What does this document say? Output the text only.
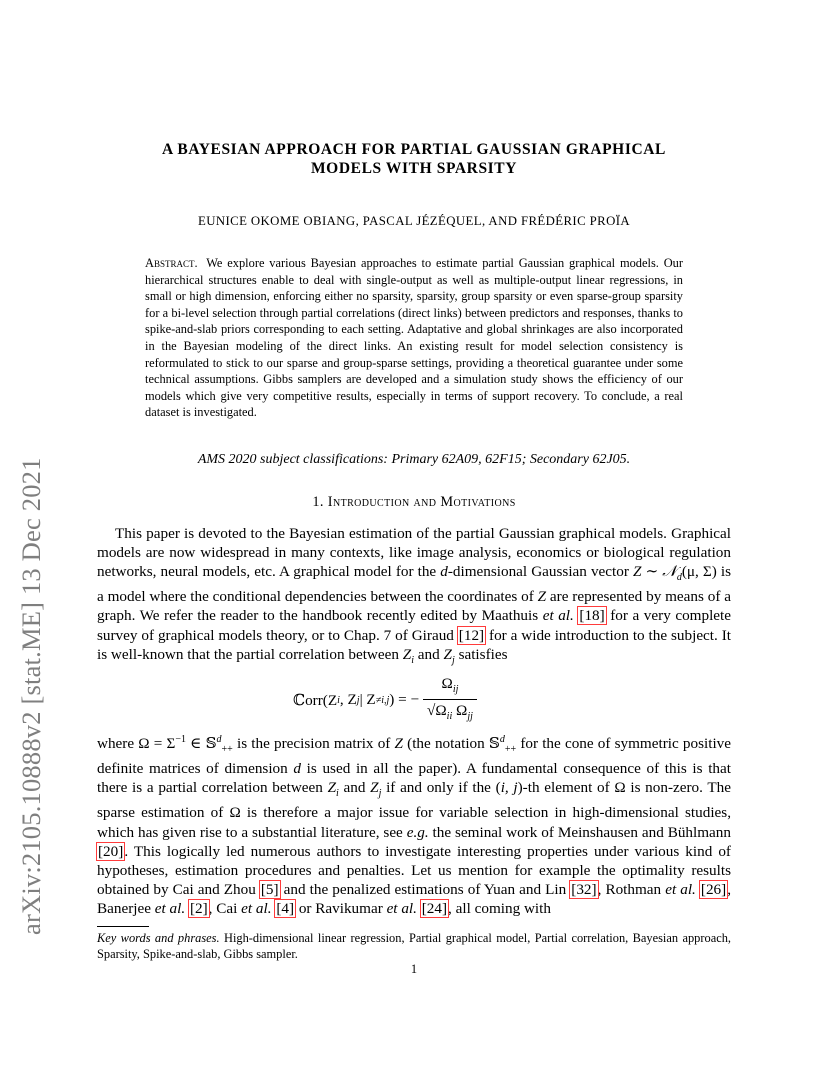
arXiv:2105.10888v2 [stat.ME] 13 Dec 2021
A BAYESIAN APPROACH FOR PARTIAL GAUSSIAN GRAPHICAL
MODELS WITH SPARSITY
EUNICE OKOME OBIANG, PASCAL JÉZÉQUEL, AND FRÉDÉRIC PROÏA
Abstract. We explore various Bayesian approaches to estimate partial Gaussian graphical models. Our hierarchical structures enable to deal with single-output as well as multiple-output linear regressions, in small or high dimension, enforcing either no sparsity, sparsity, group sparsity or even sparse-group sparsity for a bi-level selection through partial correlations (direct links) between predictors and responses, thanks to spike-and-slab priors corresponding to each setting. Adaptative and global shrinkages are also incorporated in the Bayesian modeling of the direct links. An existing result for model selection consistency is reformulated to stick to our sparse and group-sparse settings, providing a theoretical guarantee under some technical assumptions. Gibbs samplers are developed and a simulation study shows the efficiency of our models which give very competitive results, especially in terms of support recovery. To conclude, a real dataset is investigated.
AMS 2020 subject classifications: Primary 62A09, 62F15; Secondary 62J05.
1. Introduction and Motivations
This paper is devoted to the Bayesian estimation of the partial Gaussian graphical models. Graphical models are now widespread in many contexts, like image analysis, economics or biological regulation networks, neural models, etc. A graphical model for the d-dimensional Gaussian vector Z ∼ 𝒩$_d$(μ, Σ) is a model where the conditional dependencies between the coordinates of Z are represented by means of a graph. We refer the reader to the handbook recently edited by Maathuis et al. [18] for a very complete survey of graphical models theory, or to Chap. 7 of Giraud [12] for a wide introduction to the subject. It is well-known that the partial correlation between $Z_i$ and $Z_j$ satisfies
ℂorr(Z i , Z j | Z ≠i,j ) = − $\frac{\Omega_{ij}}{√\Omega_{ii} \Omega_{jj}}$
where $\Omega = \Sigma^{-1}$ ∈ 𝕊$^d_{++}$ is the precision matrix of Z (the notation 𝕊$^d_{++}$ for the cone of symmetric positive definite matrices of dimension d is used in all the paper). A fundamental consequence of this is that there is a partial correlation between $Z_i$ and $Z_j$ if and only if the (i, j)-th element of Ω is non-zero. The sparse estimation of Ω is therefore a major issue for variable selection in high-dimensional studies, which has given rise to a substantial literature, see e.g. the seminal work of Meinshausen and Bühlmann [20]. This logically led numerous authors to investigate interesting properties under various kind of hypotheses, estimation procedures and penalties. Let us mention for example the optimality results obtained by Cai and Zhou [5] and the penalized estimations of Yuan and Lin [32], Rothman et al. [26], Banerjee et al. [2], Cai et al. [4] or Ravikumar et al. [24], all coming with
Key words and phrases. High-dimensional linear regression, Partial graphical model, Partial correlation, Bayesian approach, Sparsity, Spike-and-slab, Gibbs sampler.
1
